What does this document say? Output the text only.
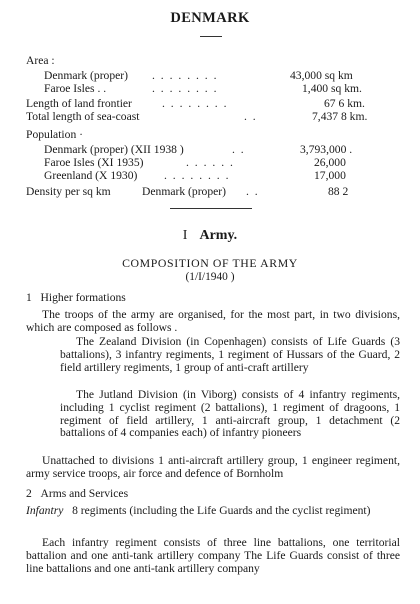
DENMARK
Area :
Denmark (proper) . . . . . . . .	43,000 sq km
Faroe Isles . .	. . . . . . . .	1,400 sq km.
Length of land frontier	. . . . . . . .	67 6 km.
Total length of sea-coast	. .	7,437 8 km.
Population ·
Denmark (proper) (XII 1938 )	. .	3,793,000 .
Faroe Isles (XI 1935)	. . . . . .	26,000
Greenland (X 1930) . . . . . . . .	17,000
Density per sq km	Denmark (proper) . .	88 2
I Army.
COMPOSITION OF THE ARMY
(1/I/1940 )
1 Higher formations
The troops of the army are organised, for the most part, in two divisions, which are composed as follows .
The Zealand Division (in Copenhagen) consists of Life Guards (3 battalions), 3 infantry regiments, 1 regiment of Hussars of the Guard, 2 field artillery regiments, 1 group of anti-craft artillery
The Jutland Division (in Viborg) consists of 4 infantry regiments, including 1 cyclist regiment (2 battalions), 1 regiment of dragoons, 1 regiment of field artillery, 1 anti-aircraft group, 1 detachment (2 battalions of 4 companies each) of infantry pioneers
Unattached to divisions 1 anti-aircraft artillery group, 1 engineer regiment, army service troops, air force and defence of Bornholm
2 Arms and Services
Infantry 8 regiments (including the Life Guards and the cyclist regiment)
Each infantry regiment consists of three line battalions, one territorial battalion and one anti-tank artillery company The Life Guards consist of three line battalions and one anti-tank artillery company
